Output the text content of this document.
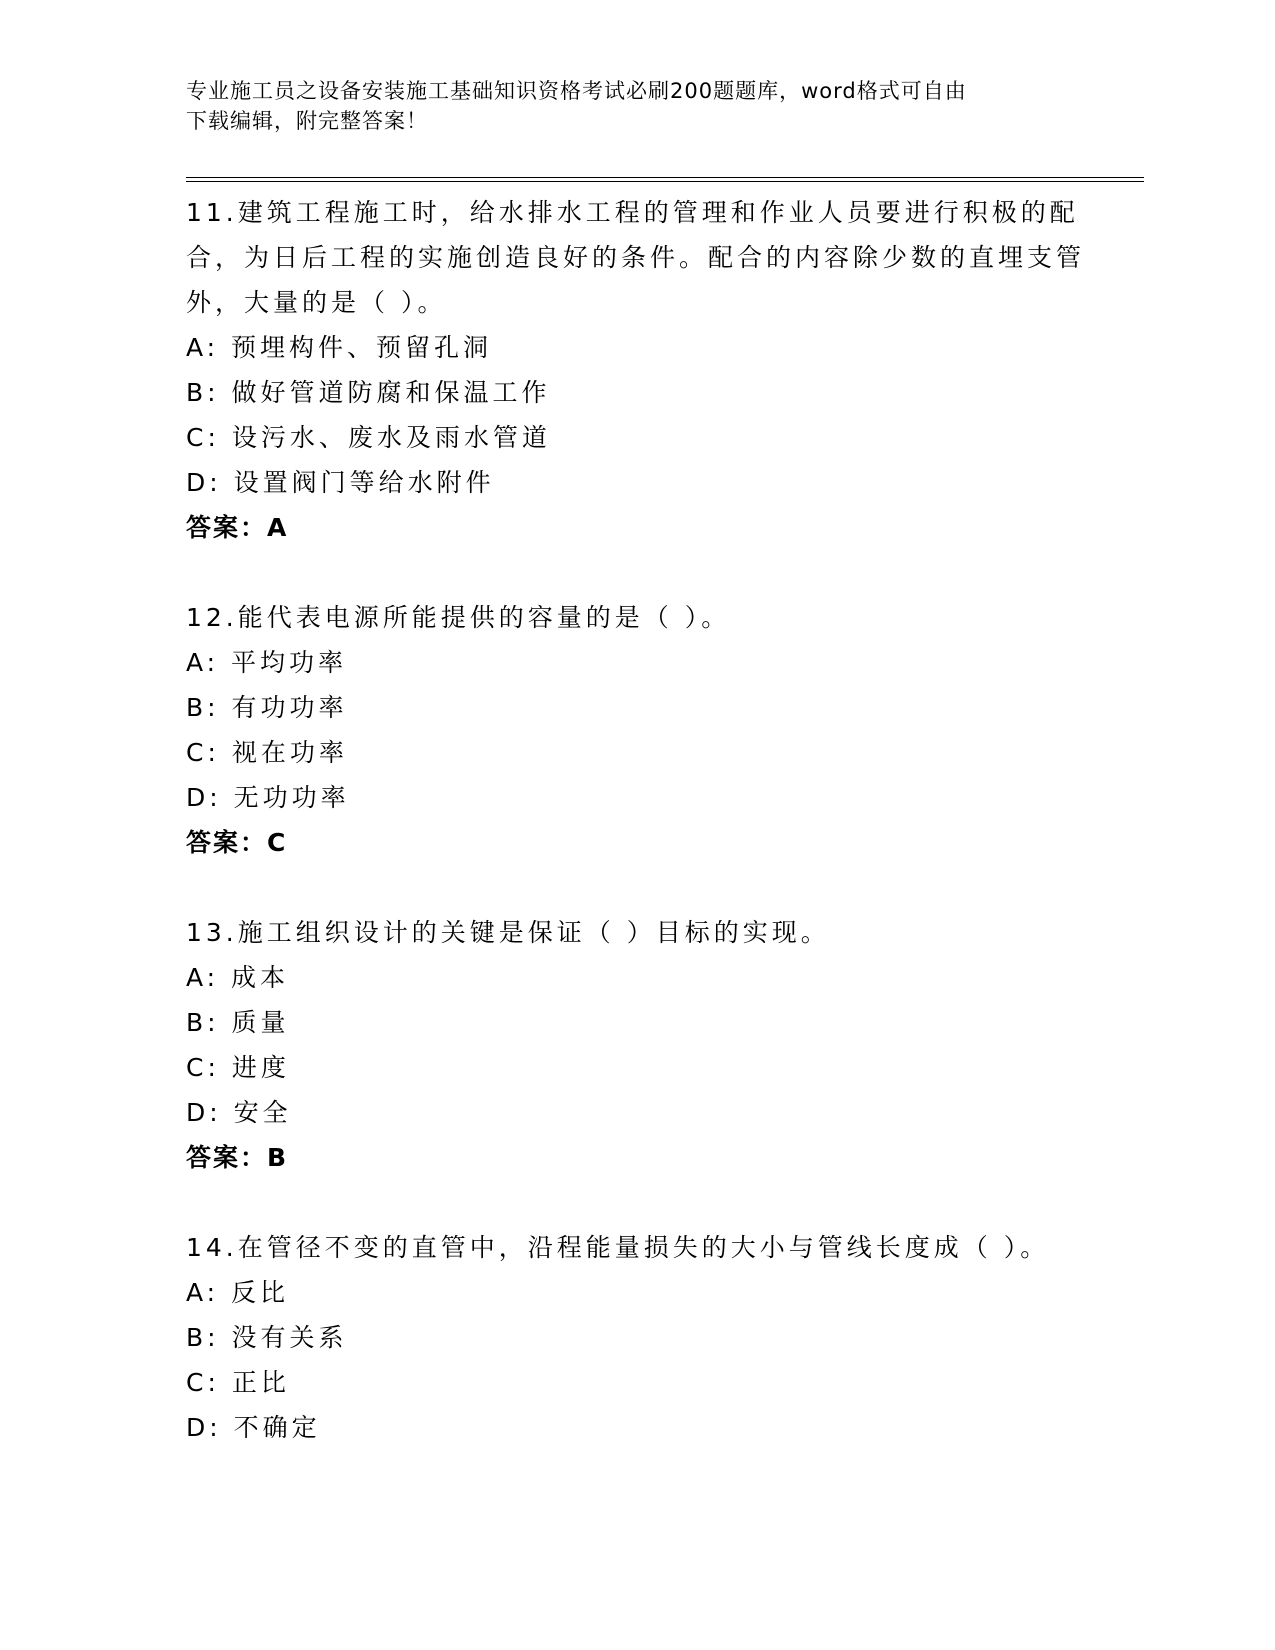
专业施工员之设备安装施工基础知识资格考试必刷200题题库，word格式可自由
下载编辑，附完整答案！
11.建筑工程施工时，给水排水工程的管理和作业人员要进行积极的配合，为日后工程的实施创造良好的条件。配合的内容除少数的直埋支管外，大量的是（ ）。
A: 预埋构件、预留孔洞
B: 做好管道防腐和保温工作
C: 设污水、废水及雨水管道
D: 设置阀门等给水附件
答案：A
12.能代表电源所能提供的容量的是（ ）。
A: 平均功率
B: 有功功率
C: 视在功率
D: 无功功率
答案：C
13.施工组织设计的关键是保证（ ）目标的实现。
A: 成本
B: 质量
C: 进度
D: 安全
答案：B
14.在管径不变的直管中，沿程能量损失的大小与管线长度成（ ）。
A: 反比
B: 没有关系
C: 正比
D: 不确定
